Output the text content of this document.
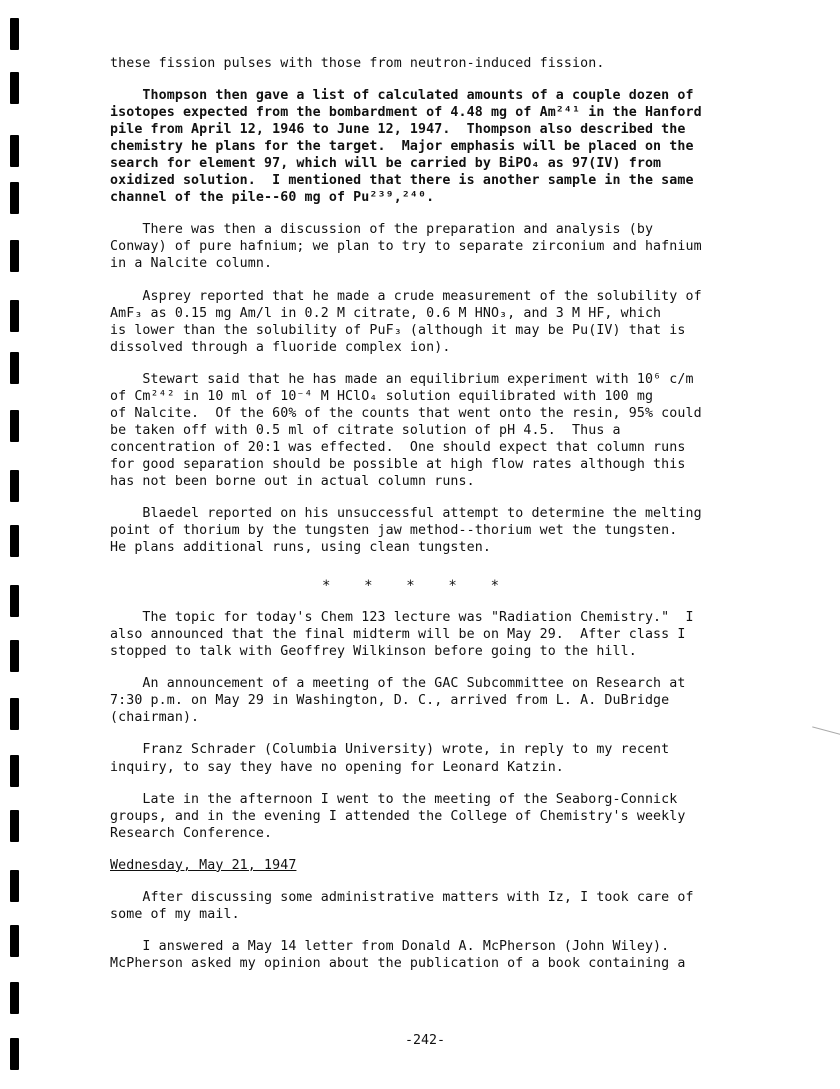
these fission pulses with those from neutron-induced fission.
Thompson then gave a list of calculated amounts of a couple dozen of
isotopes expected from the bombardment of 4.48 mg of Am²⁴¹ in the Hanford
pile from April 12, 1946 to June 12, 1947.  Thompson also described the
chemistry he plans for the target.  Major emphasis will be placed on the
search for element 97, which will be carried by BiPO₄ as 97(IV) from
oxidized solution.  I mentioned that there is another sample in the same
channel of the pile--60 mg of Pu²³⁹,²⁴⁰.
There was then a discussion of the preparation and analysis (by
Conway) of pure hafnium; we plan to try to separate zirconium and hafnium
in a Nalcite column.
Asprey reported that he made a crude measurement of the solubility of
AmF₃ as 0.15 mg Am/l in 0.2 M citrate, 0.6 M HNO₃, and 3 M HF, which
is lower than the solubility of PuF₃ (although it may be Pu(IV) that is
dissolved through a fluoride complex ion).
Stewart said that he has made an equilibrium experiment with 10⁶ c/m
of Cm²⁴² in 10 ml of 10⁻⁴ M HClO₄ solution equilibrated with 100 mg
of Nalcite.  Of the 60% of the counts that went onto the resin, 95% could
be taken off with 0.5 ml of citrate solution of pH 4.5.  Thus a
concentration of 20:1 was effected.  One should expect that column runs
for good separation should be possible at high flow rates although this
has not been borne out in actual column runs.
Blaedel reported on his unsuccessful attempt to determine the melting
point of thorium by the tungsten jaw method--thorium wet the tungsten.
He plans additional runs, using clean tungsten.
The topic for today's Chem 123 lecture was "Radiation Chemistry."  I
also announced that the final midterm will be on May 29.  After class I
stopped to talk with Geoffrey Wilkinson before going to the hill.
An announcement of a meeting of the GAC Subcommittee on Research at
7:30 p.m. on May 29 in Washington, D. C., arrived from L. A. DuBridge
(chairman).
Franz Schrader (Columbia University) wrote, in reply to my recent
inquiry, to say they have no opening for Leonard Katzin.
Late in the afternoon I went to the meeting of the Seaborg-Connick
groups, and in the evening I attended the College of Chemistry's weekly
Research Conference.
Wednesday, May 21, 1947
After discussing some administrative matters with Iz, I took care of
some of my mail.
I answered a May 14 letter from Donald A. McPherson (John Wiley).
McPherson asked my opinion about the publication of a book containing a
*    *    *    *    *
-242-
